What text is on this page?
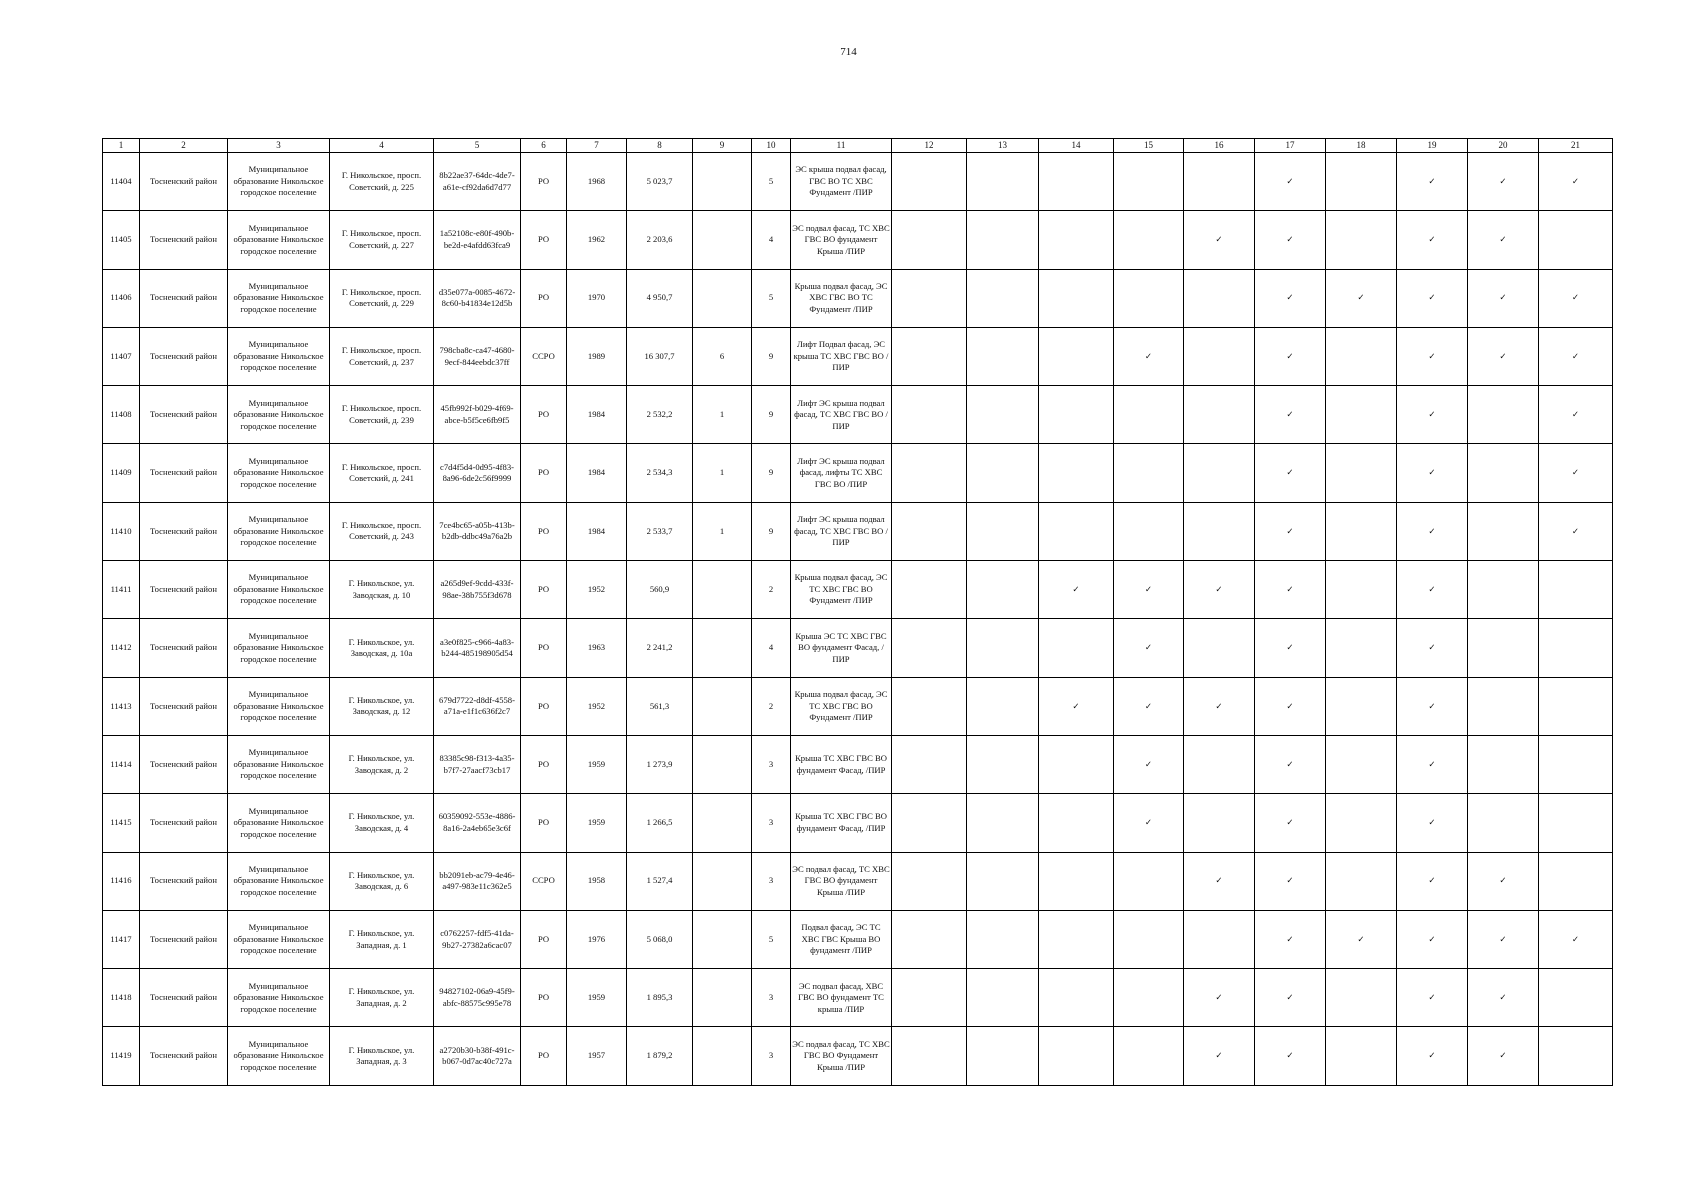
714
1	2	3	4	5	6	7	8	9	10	11	12	13	14	15	16	17	18	19	20	21
11404	Тосненский район	Муниципальное образование Никольское городское поселение	Г. Никольское, просп. Советский, д. 225	8b22ae37-64dc-4de7-a61e-cf92da6d7d77	РО	1968	5 023,7		5	ЭС крыша подвал фасад, ГВС ВО ТС ХВС Фундамент /ПИР						✓		✓	✓	✓
11405	Тосненский район	Муниципальное образование Никольское городское поселение	Г. Никольское, просп. Советский, д. 227	1a52108c-e80f-490b-be2d-e4afdd63fca9	РО	1962	2 203,6		4	ЭС подвал фасад, ТС ХВС ГВС ВО фундамент Крыша /ПИР					✓	✓		✓	✓	
11406	Тосненский район	Муниципальное образование Никольское городское поселение	Г. Никольское, просп. Советский, д. 229	d35e077a-0085-4672-8c60-b41834e12d5b	РО	1970	4 950,7		5	Крыша подвал фасад, ЭС ХВС ГВС ВО ТС Фундамент /ПИР						✓	✓	✓	✓	✓
11407	Тосненский район	Муниципальное образование Никольское городское поселение	Г. Никольское, просп. Советский, д. 237	798cba8c-ca47-4680-9ecf-844eebdc37ff	ССРО	1989	16 307,7	6	9	Лифт Подвал фасад, ЭС крыша ТС ХВС ГВС ВО /ПИР				✓		✓		✓	✓	✓
11408	Тосненский район	Муниципальное образование Никольское городское поселение	Г. Никольское, просп. Советский, д. 239	45fb992f-b029-4f69-abce-b5f5ce6fb9f5	РО	1984	2 532,2	1	9	Лифт ЭС крыша подвал фасад, ТС ХВС ГВС ВО /ПИР						✓		✓		✓
11409	Тосненский район	Муниципальное образование Никольское городское поселение	Г. Никольское, просп. Советский, д. 241	c7d4f5d4-0d95-4f83-8a96-6de2c56f9999	РО	1984	2 534,3	1	9	Лифт ЭС крыша подвал фасад, лифты ТС ХВС ГВС ВО /ПИР						✓		✓		✓
11410	Тосненский район	Муниципальное образование Никольское городское поселение	Г. Никольское, просп. Советский, д. 243	7ce4bc65-a05b-413b-b2db-ddbc49a76a2b	РО	1984	2 533,7	1	9	Лифт ЭС крыша подвал фасад, ТС ХВС ГВС ВО /ПИР						✓		✓		✓
11411	Тосненский район	Муниципальное образование Никольское городское поселение	Г. Никольское, ул. Заводская, д. 10	a265d9ef-9cdd-433f-98ae-38b755f3d678	РО	1952	560,9		2	Крыша подвал фасад, ЭС ТС ХВС ГВС ВО Фундамент /ПИР			✓	✓	✓	✓		✓		
11412	Тосненский район	Муниципальное образование Никольское городское поселение	Г. Никольское, ул. Заводская, д. 10а	a3e0f825-c966-4a83-b244-485198905d54	РО	1963	2 241,2		4	Крыша ЭС ТС ХВС ГВС ВО фундамент Фасад, /ПИР				✓		✓		✓		
11413	Тосненский район	Муниципальное образование Никольское городское поселение	Г. Никольское, ул. Заводская, д. 12	679d7722-d8df-4558-a71a-e1f1c636f2c7	РО	1952	561,3		2	Крыша подвал фасад, ЭС ТС ХВС ГВС ВО Фундамент /ПИР			✓	✓	✓	✓		✓		
11414	Тосненский район	Муниципальное образование Никольское городское поселение	Г. Никольское, ул. Заводская, д. 2	83385c98-f313-4a35-b7f7-27aacf73cb17	РО	1959	1 273,9		3	Крыша ТС ХВС ГВС ВО фундамент Фасад, /ПИР				✓		✓		✓		
11415	Тосненский район	Муниципальное образование Никольское городское поселение	Г. Никольское, ул. Заводская, д. 4	60359092-553e-4886-8a16-2a4eb65e3c6f	РО	1959	1 266,5		3	Крыша ТС ХВС ГВС ВО фундамент Фасад, /ПИР				✓		✓		✓		
11416	Тосненский район	Муниципальное образование Никольское городское поселение	Г. Никольское, ул. Заводская, д. 6	bb2091eb-ac79-4e46-a497-983e11c362e5	ССРО	1958	1 527,4		3	ЭС подвал фасад, ТС ХВС ГВС ВО фундамент Крыша /ПИР					✓	✓		✓	✓	
11417	Тосненский район	Муниципальное образование Никольское городское поселение	Г. Никольское, ул. Западная, д. 1	c0762257-fdf5-41da-9b27-27382a6cac07	РО	1976	5 068,0		5	Подвал фасад, ЭС ТС ХВС ГВС Крыша ВО фундамент /ПИР						✓	✓	✓	✓	✓
11418	Тосненский район	Муниципальное образование Никольское городское поселение	Г. Никольское, ул. Западная, д. 2	94827102-06a9-45f9-abfc-88575c995e78	РО	1959	1 895,3		3	ЭС подвал фасад, ХВС ГВС ВО фундамент ТС крыша /ПИР					✓	✓		✓	✓	
11419	Тосненский район	Муниципальное образование Никольское городское поселение	Г. Никольское, ул. Западная, д. 3	a2720b30-b38f-491c-b067-0d7ac40c727a	РО	1957	1 879,2		3	ЭС подвал фасад, ТС ХВС ГВС ВО Фундамент Крыша /ПИР					✓	✓		✓	✓	
